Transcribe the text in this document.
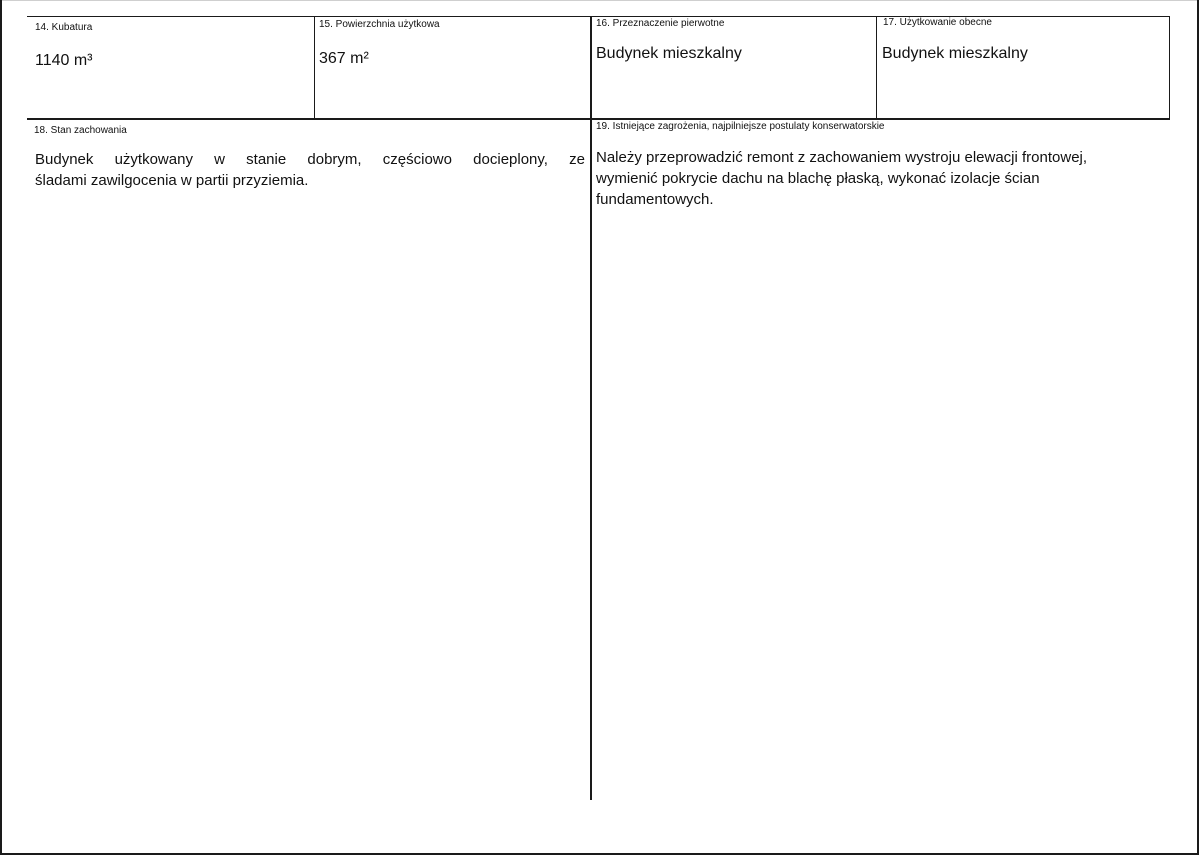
14. Kubatura
1140 m³
15. Powierzchnia użytkowa
367 m²
16. Przeznaczenie pierwotne
Budynek mieszkalny
17. Użytkowanie obecne
Budynek mieszkalny
18. Stan zachowania
Budynek użytkowany w stanie dobrym, częściowo docieplony, ze
śladami zawilgocenia w partii przyziemia.
19. Istniejące zagrożenia, najpilniejsze postulaty konserwatorskie
Należy przeprowadzić remont z zachowaniem wystroju elewacji frontowej,
wymienić pokrycie dachu na blachę płaską, wykonać izolacje ścian
fundamentowych.
